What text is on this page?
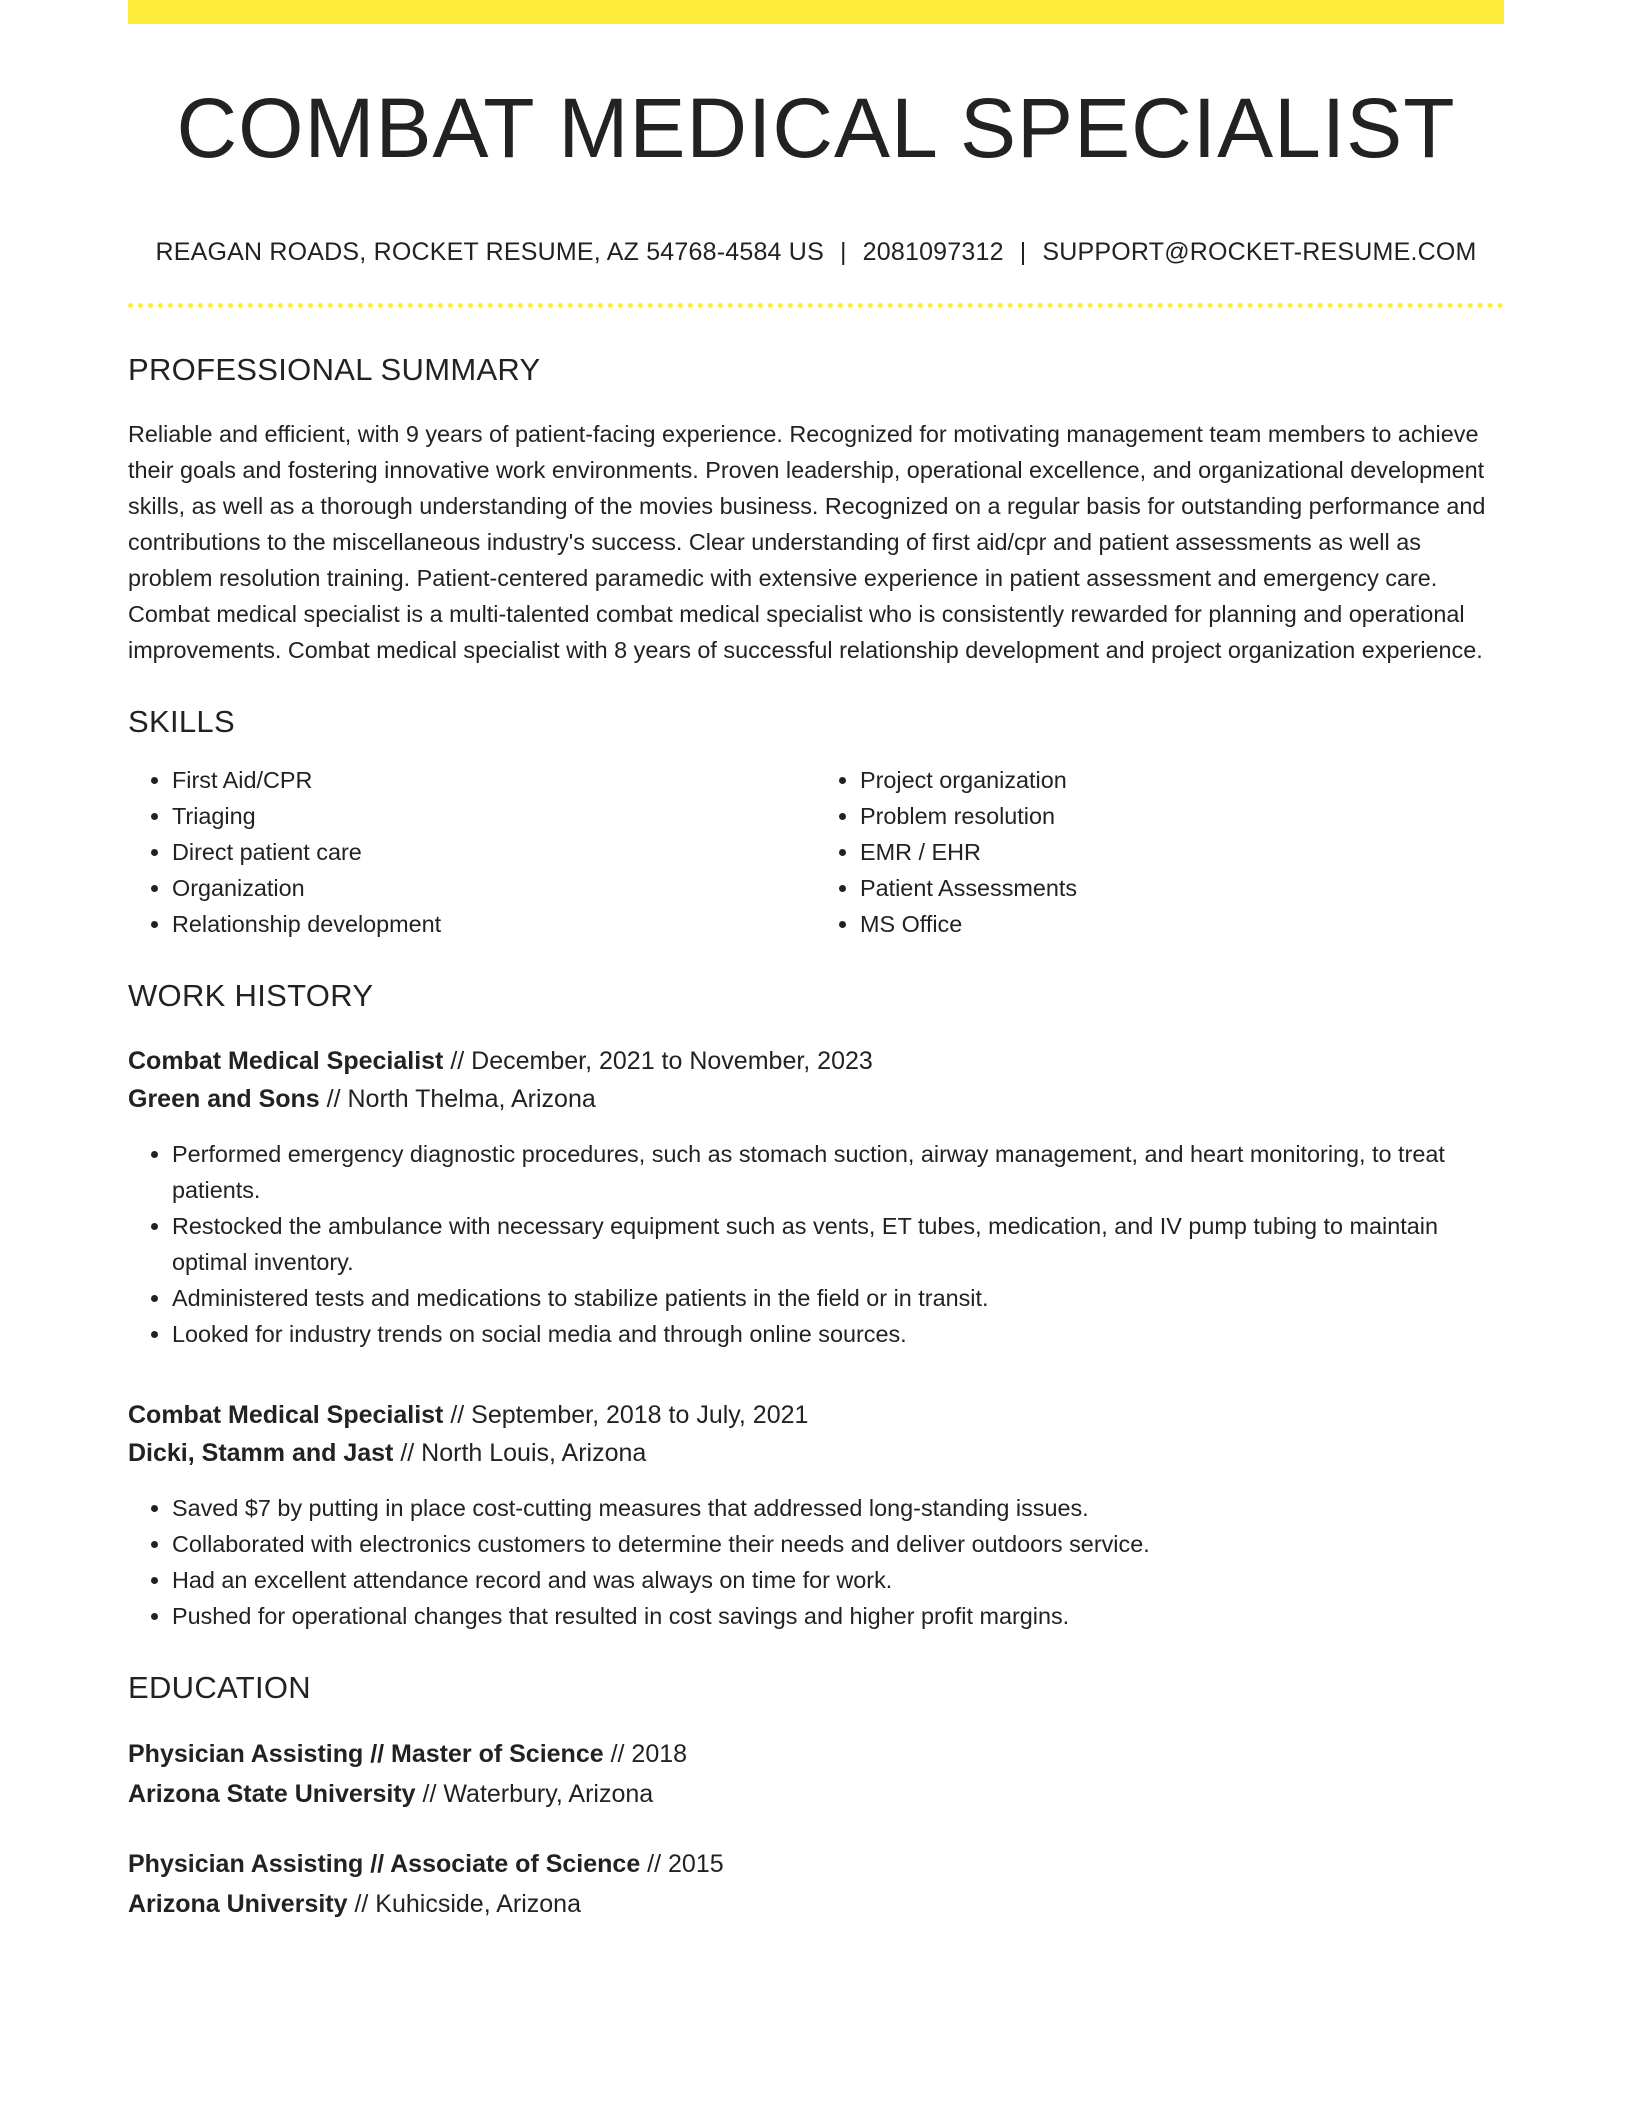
COMBAT MEDICAL SPECIALIST
REAGAN ROADS, ROCKET RESUME, AZ 54768-4584 US | 2081097312 | SUPPORT@ROCKET-RESUME.COM
PROFESSIONAL SUMMARY

Reliable and efficient, with 9 years of patient-facing experience. Recognized for motivating management team members to achieve their goals and fostering innovative work environments. Proven leadership, operational excellence, and organizational development skills, as well as a thorough understanding of the movies business. Recognized on a regular basis for outstanding performance and contributions to the miscellaneous industry's success. Clear understanding of first aid/cpr and patient assessments as well as problem resolution training. Patient-centered paramedic with extensive experience in patient assessment and emergency care. Combat medical specialist is a multi-talented combat medical specialist who is consistently rewarded for planning and operational improvements. Combat medical specialist with 8 years of successful relationship development and project organization experience.

SKILLS
• First Aid/CPR
• Triaging
• Direct patient care
• Organization
• Relationship development
• Project organization
• Problem resolution
• EMR / EHR
• Patient Assessments
• MS Office
WORK HISTORY

Combat Medical Specialist // December, 2021 to November, 2023

Green and Sons // North Thelma, Arizona

• Performed emergency diagnostic procedures, such as stomach suction, airway management, and heart monitoring, to treat patients.
• Restocked the ambulance with necessary equipment such as vents, ET tubes, medication, and IV pump tubing to maintain optimal inventory.
• Administered tests and medications to stabilize patients in the field or in transit.
• Looked for industry trends on social media and through online sources.

Combat Medical Specialist // September, 2018 to July, 2021

Dicki, Stamm and Jast // North Louis, Arizona

• Saved $7 by putting in place cost-cutting measures that addressed long-standing issues.
• Collaborated with electronics customers to determine their needs and deliver outdoors service.
• Had an excellent attendance record and was always on time for work.
• Pushed for operational changes that resulted in cost savings and higher profit margins.
EDUCATION

Physician Assisting // Master of Science // 2018

Arizona State University // Waterbury, Arizona

Physician Assisting // Associate of Science // 2015

Arizona University // Kuhicside, Arizona
